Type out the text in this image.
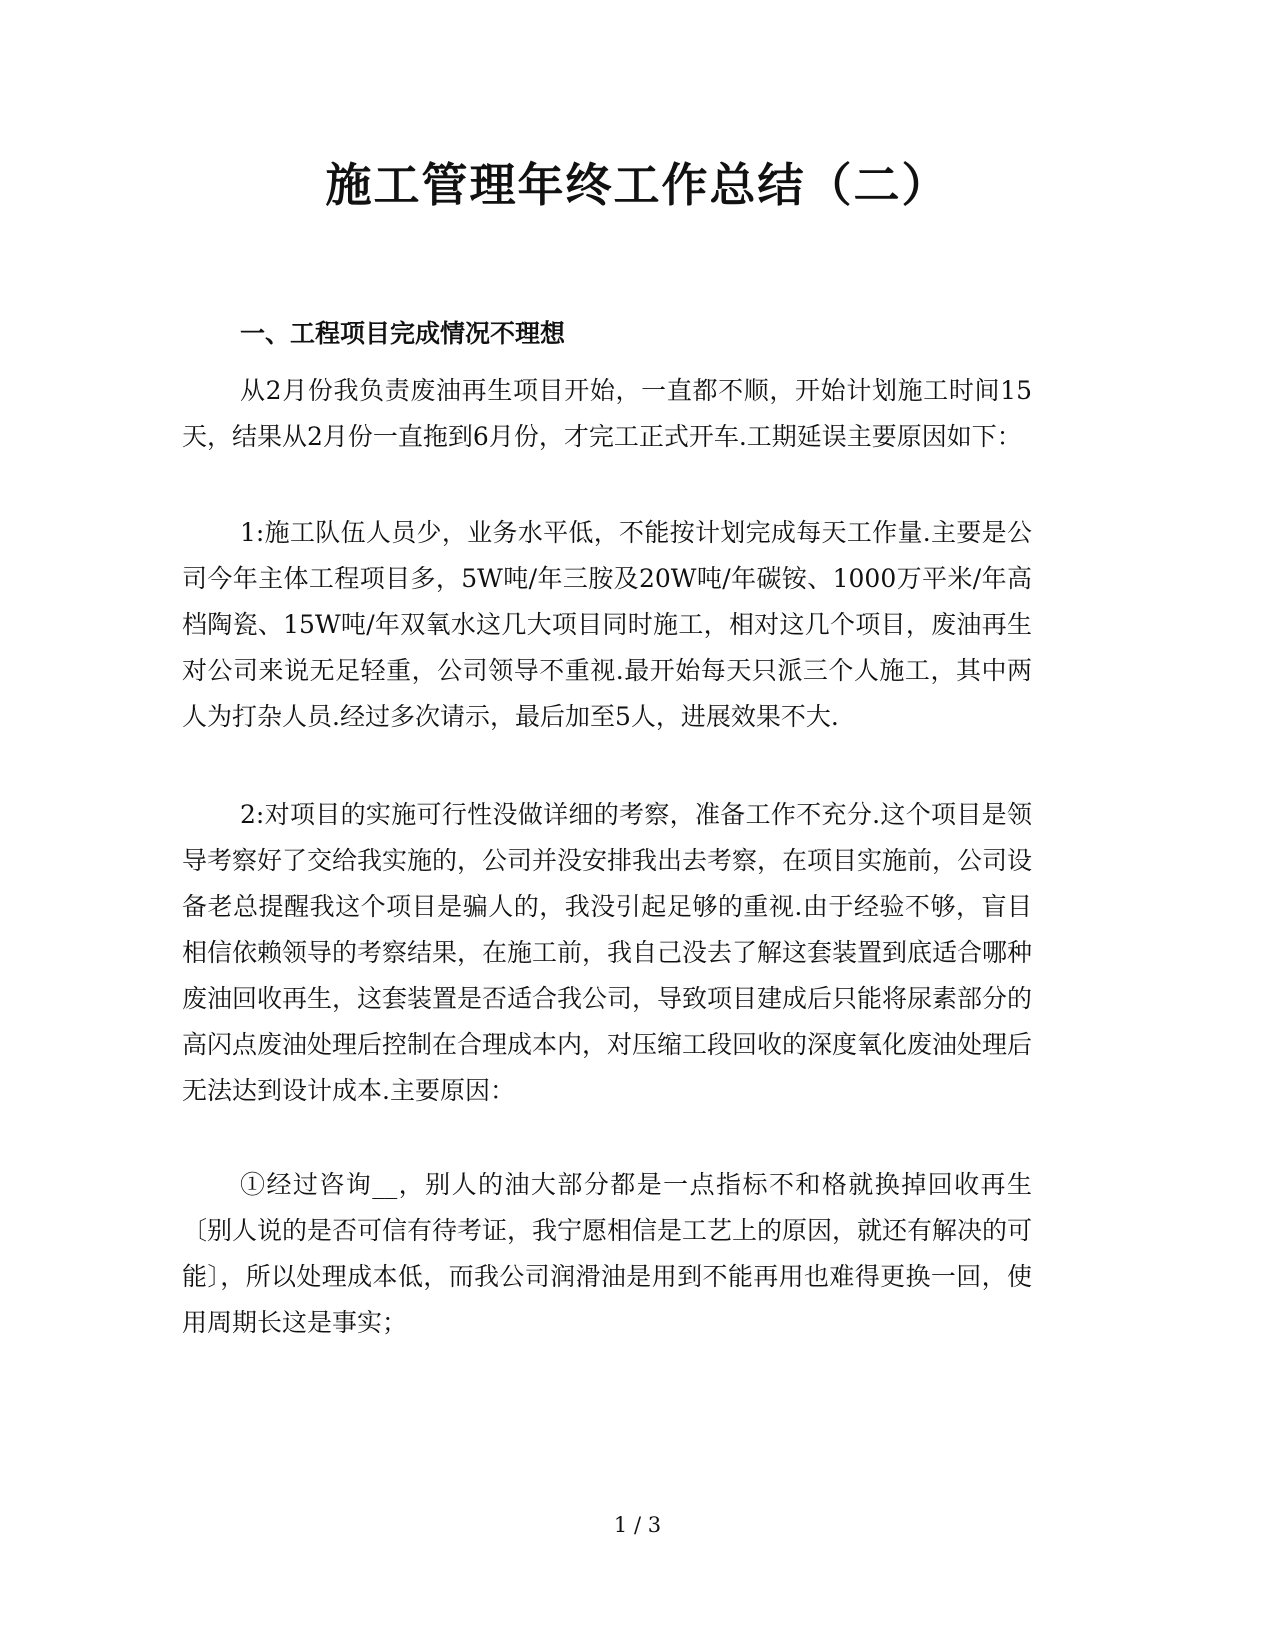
施工管理年终工作总结（二）
一、工程项目完成情况不理想

从2月份我负责废油再生项目开始，一直都不顺，开始计划施工时间15天，结果从2月份一直拖到6月份，才完工正式开车.工期延误主要原因如下：

1:施工队伍人员少，业务水平低，不能按计划完成每天工作量.主要是公司今年主体工程项目多，5W吨/年三胺及20W吨/年碳铵、1000万平米/年高档陶瓷、15W吨/年双氧水这几大项目同时施工，相对这几个项目，废油再生对公司来说无足轻重，公司领导不重视.最开始每天只派三个人施工，其中两人为打杂人员.经过多次请示，最后加至5人，进展效果不大.

2:对项目的实施可行性没做详细的考察，准备工作不充分.这个项目是领导考察好了交给我实施的，公司并没安排我出去考察，在项目实施前，公司设备老总提醒我这个项目是骗人的，我没引起足够的重视.由于经验不够，盲目相信依赖领导的考察结果，在施工前，我自己没去了解这套装置到底适合哪种废油回收再生，这套装置是否适合我公司，导致项目建成后只能将尿素部分的高闪点废油处理后控制在合理成本内，对压缩工段回收的深度氧化废油处理后无法达到设计成本.主要原因：

①经过咨询__，别人的油大部分都是一点指标不和格就换掉回收再生〔别人说的是否可信有待考证，我宁愿相信是工艺上的原因，就还有解决的可能〕，所以处理成本低，而我公司润滑油是用到不能再用也难得更换一回，使用周期长这是事实；

1 / 3
